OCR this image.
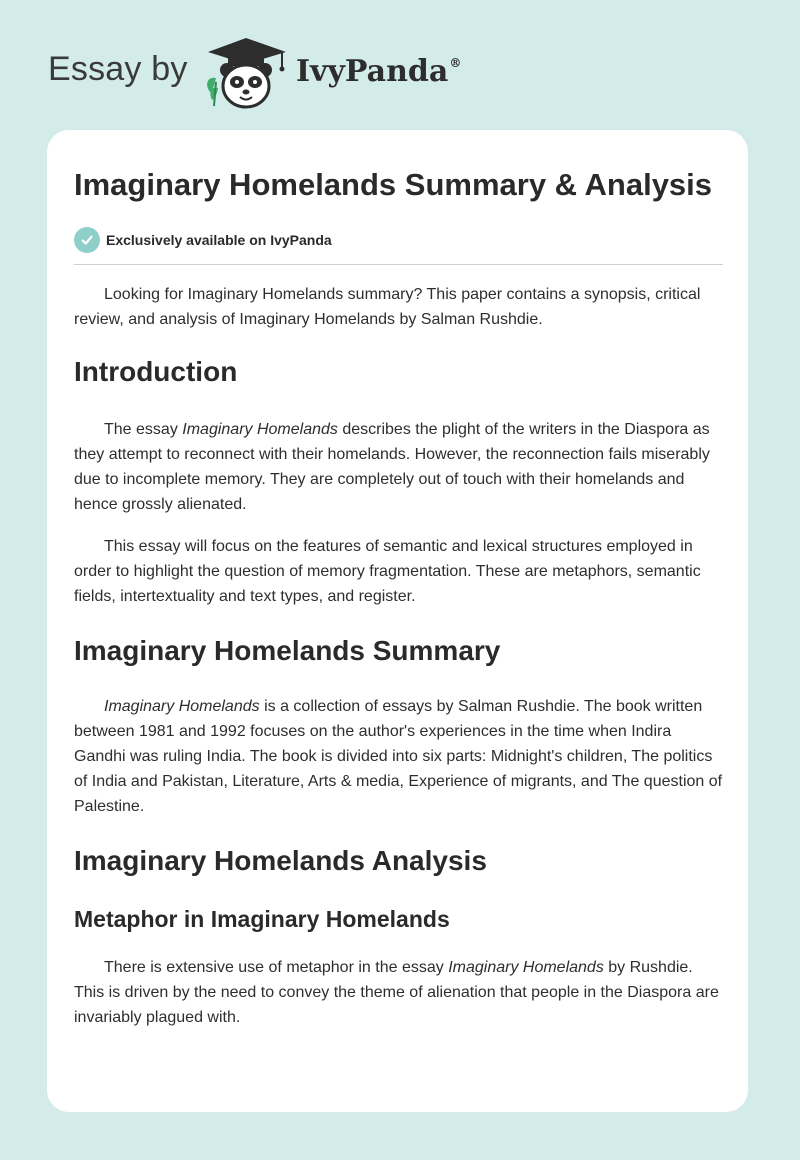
Essay by	IvyPanda®
Imaginary Homelands Summary & Analysis
Exclusively available on IvyPanda

Looking for Imaginary Homelands summary? This paper contains a synopsis, critical review, and analysis of Imaginary Homelands by Salman Rushdie.

Introduction

The essay Imaginary Homelands describes the plight of the writers in the Diaspora as they attempt to reconnect with their homelands. However, the reconnection fails miserably due to incomplete memory. They are completely out of touch with their homelands and hence grossly alienated.

This essay will focus on the features of semantic and lexical structures employed in order to highlight the question of memory fragmentation. These are metaphors, semantic fields, intertextuality and text types, and register.

Imaginary Homelands Summary

Imaginary Homelands is a collection of essays by Salman Rushdie. The book written between 1981 and 1992 focuses on the author's experiences in the time when Indira Gandhi was ruling India. The book is divided into six parts: Midnight's children, The politics of India and Pakistan, Literature, Arts & media, Experience of migrants, and The question of Palestine.

Imaginary Homelands Analysis
Metaphor in Imaginary Homelands

There is extensive use of metaphor in the essay Imaginary Homelands by Rushdie. This is driven by the need to convey the theme of alienation that people in the Diaspora are invariably plagued with.
